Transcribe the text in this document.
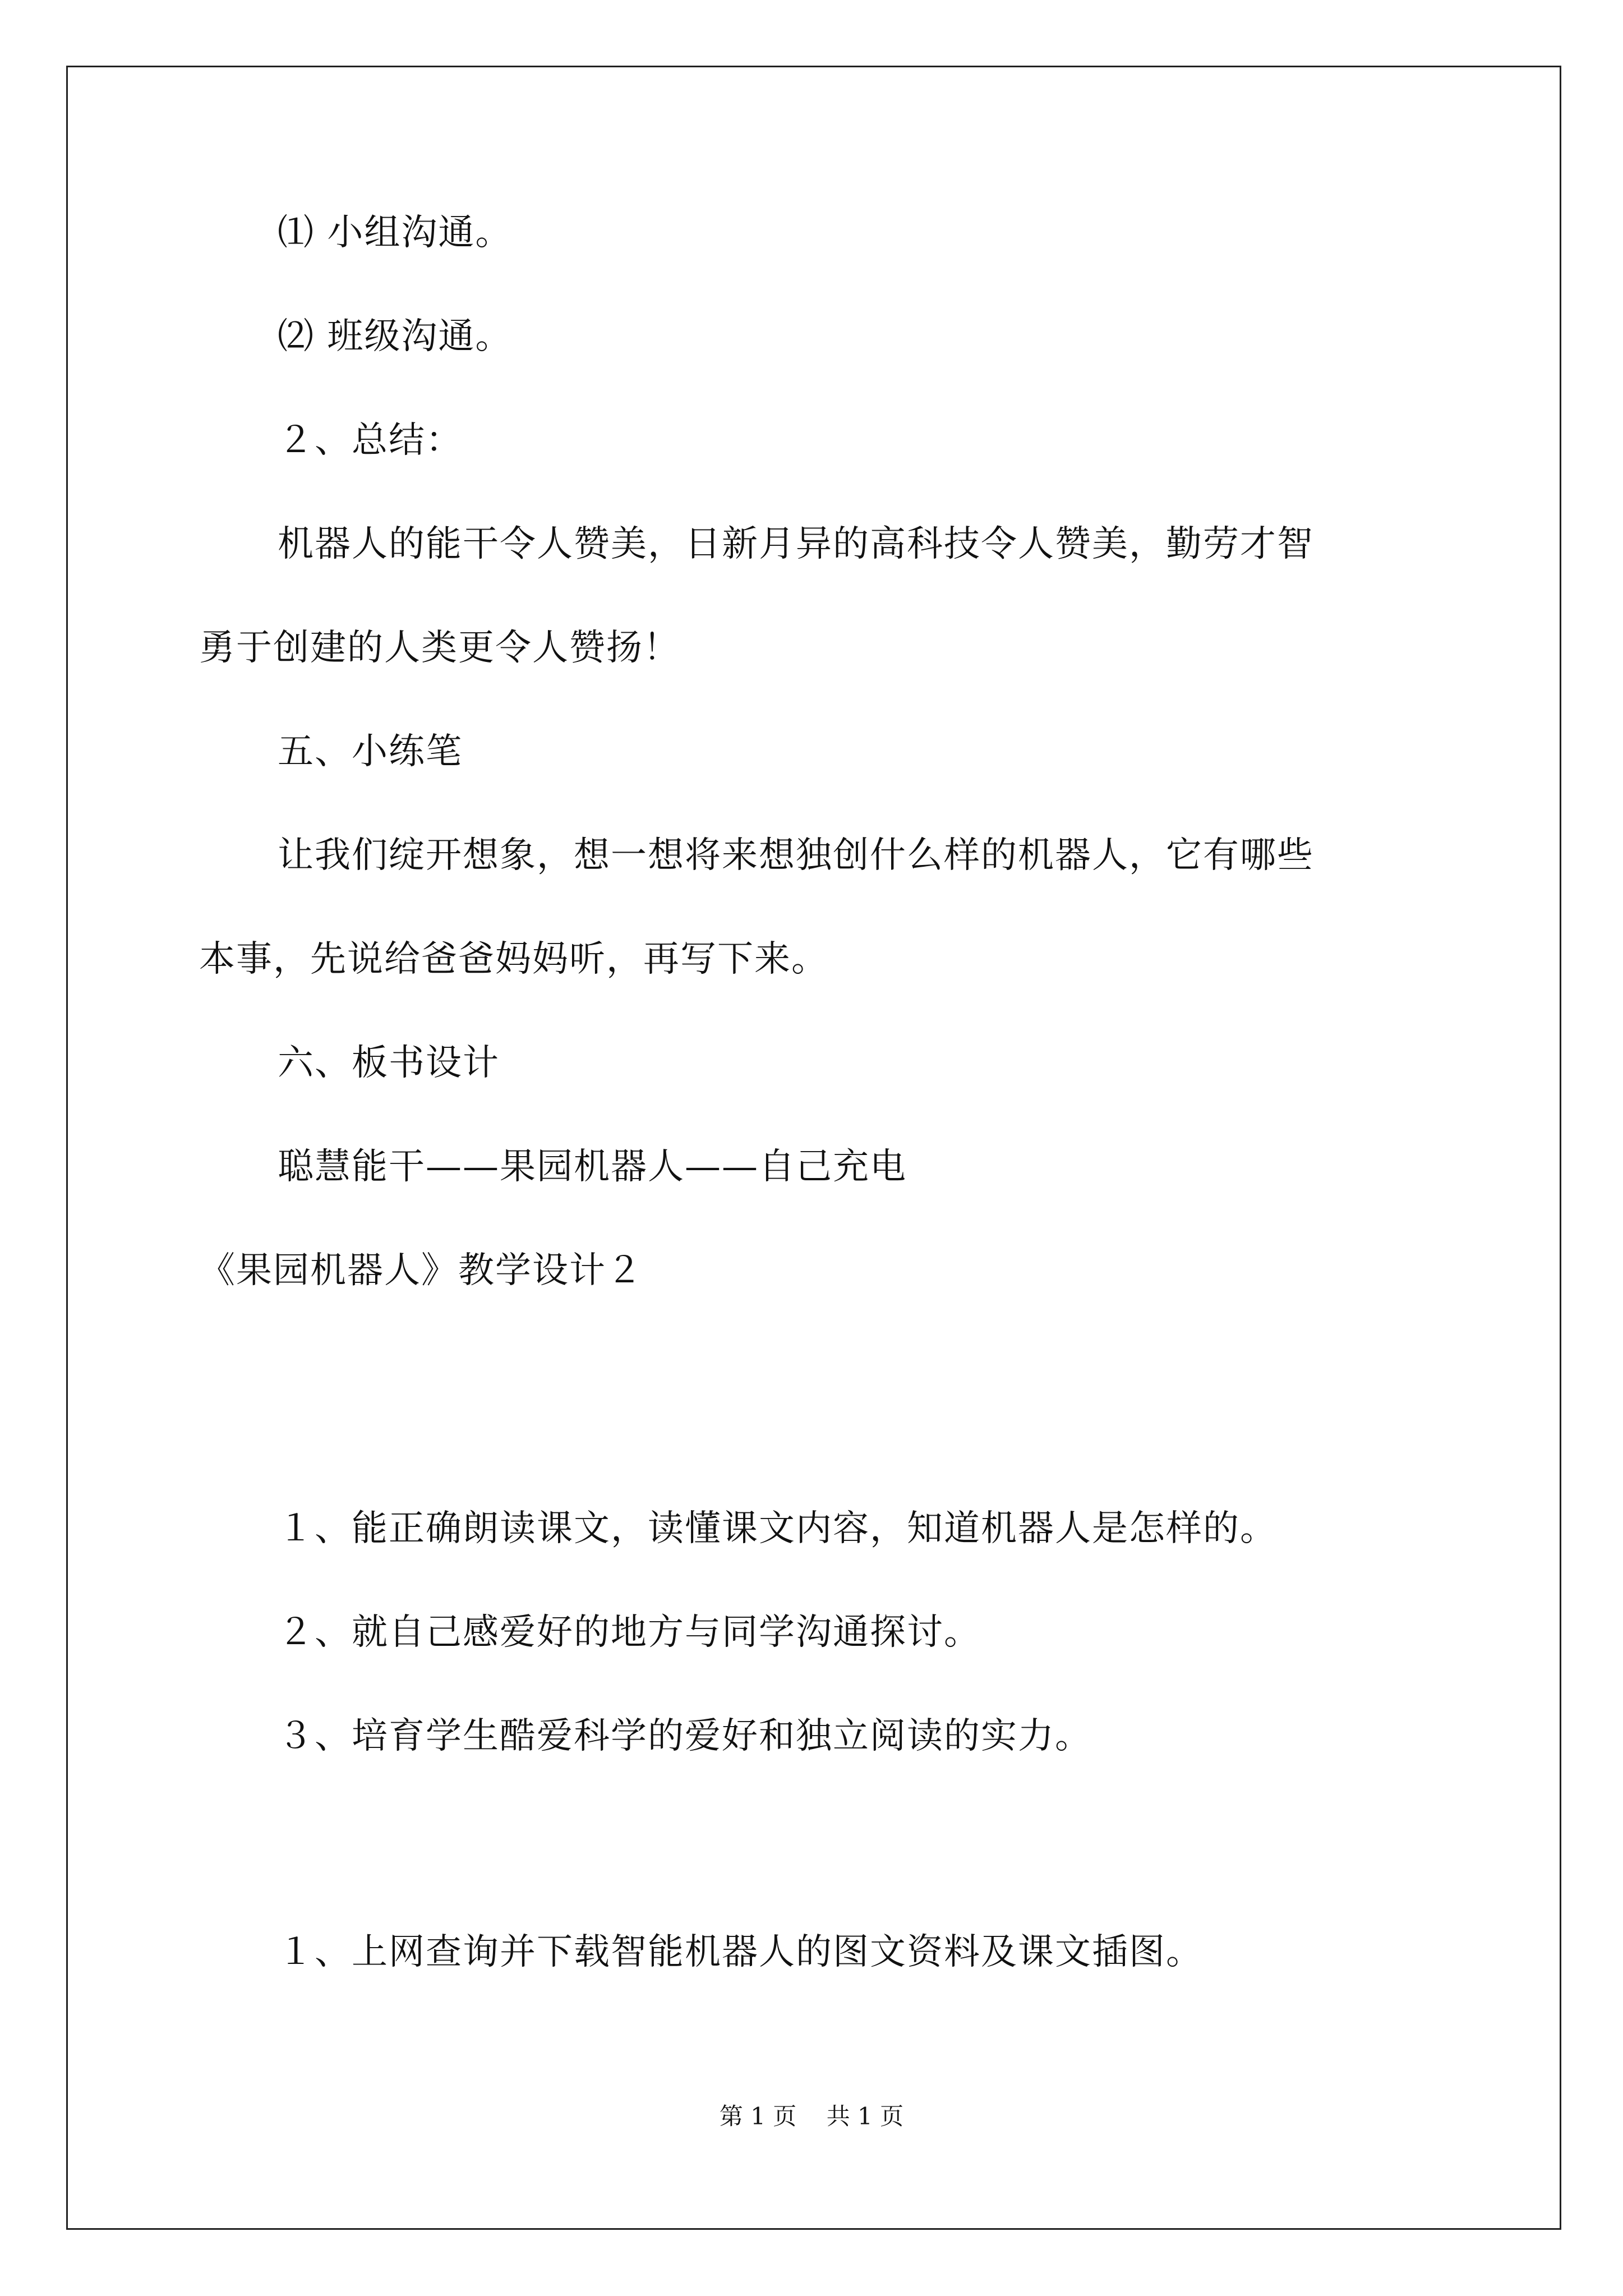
⑴ 小组沟通。

⑵ 班级沟通。

２、总结：

机器人的能干令人赞美，日新月异的高科技令人赞美，勤劳才智

勇于创建的人类更令人赞扬！

五、小练笔

让我们绽开想象，想一想将来想独创什么样的机器人，它有哪些

本事，先说给爸爸妈妈听，再写下来。

六、板书设计

聪慧能干——果园机器人——自己充电

《果园机器人》教学设计２

１、能正确朗读课文，读懂课文内容，知道机器人是怎样的。

２、就自己感爱好的地方与同学沟通探讨。

３、培育学生酷爱科学的爱好和独立阅读的实力。

１、上网查询并下载智能机器人的图文资料及课文插图。

第 1 页    共 1 页
